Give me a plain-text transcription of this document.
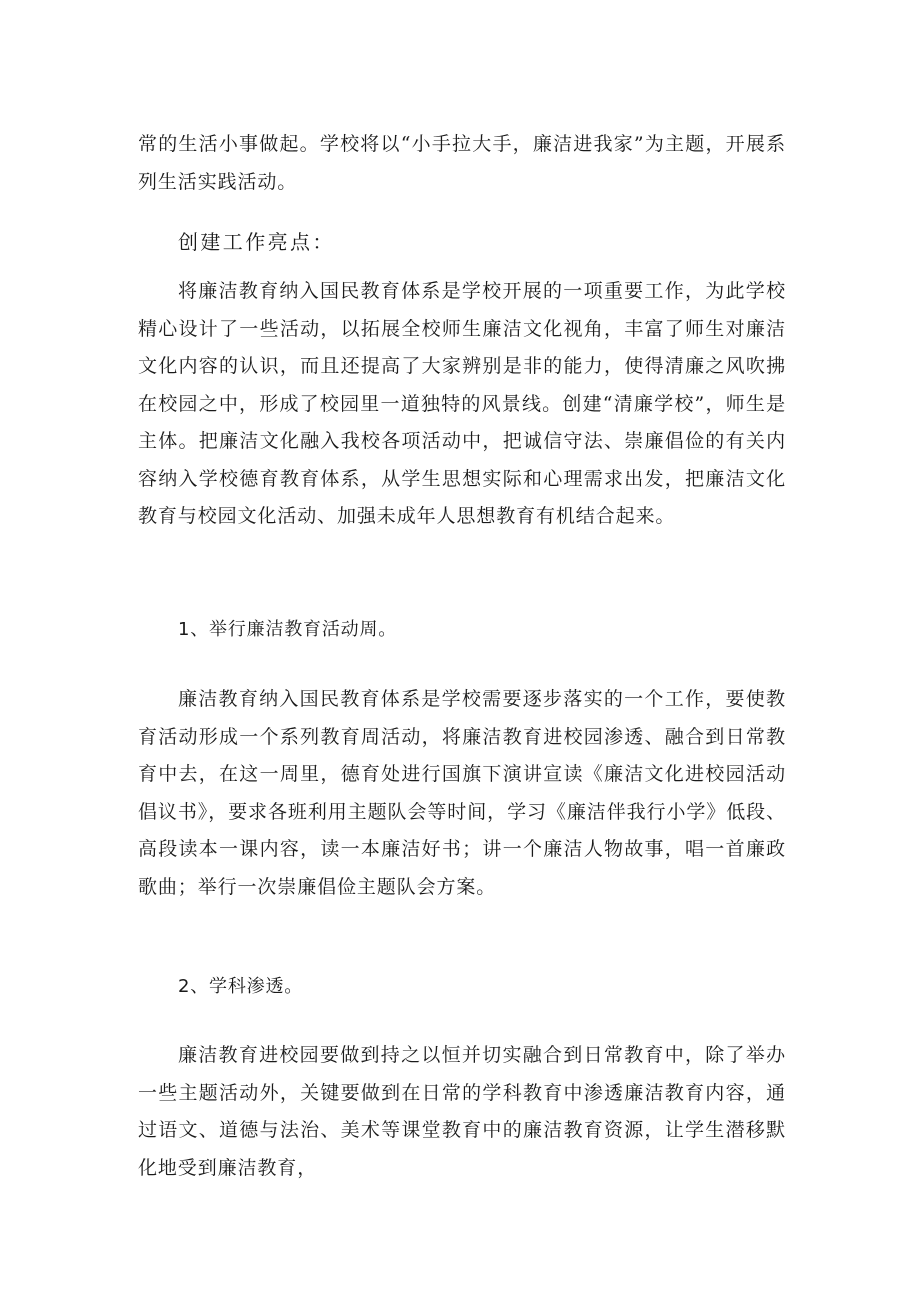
常的生活小事做起。学校将以“小手拉大手，廉洁进我家”为主题，开展系列生活实践活动。

创建工作亮点：

将廉洁教育纳入国民教育体系是学校开展的一项重要工作，为此学校精心设计了一些活动，以拓展全校师生廉洁文化视角，丰富了师生对廉洁文化内容的认识，而且还提高了大家辨别是非的能力，使得清廉之风吹拂在校园之中，形成了校园里一道独特的风景线。创建“清廉学校”，师生是主体。把廉洁文化融入我校各项活动中，把诚信守法、崇廉倡俭的有关内容纳入学校德育教育体系，从学生思想实际和心理需求出发，把廉洁文化教育与校园文化活动、加强未成年人思想教育有机结合起来。

1、举行廉洁教育活动周。

廉洁教育纳入国民教育体系是学校需要逐步落实的一个工作，要使教育活动形成一个系列教育周活动，将廉洁教育进校园渗透、融合到日常教育中去，在这一周里，德育处进行国旗下演讲宣读《廉洁文化进校园活动倡议书》，要求各班利用主题队会等时间，学习《廉洁伴我行小学》低段、高段读本一课内容，读一本廉洁好书；讲一个廉洁人物故事，唱一首廉政歌曲；举行一次崇廉倡俭主题队会方案。

2、学科渗透。

廉洁教育进校园要做到持之以恒并切实融合到日常教育中，除了举办一些主题活动外，关键要做到在日常的学科教育中渗透廉洁教育内容，通过语文、道德与法治、美术等课堂教育中的廉洁教育资源，让学生潜移默化地受到廉洁教育，
